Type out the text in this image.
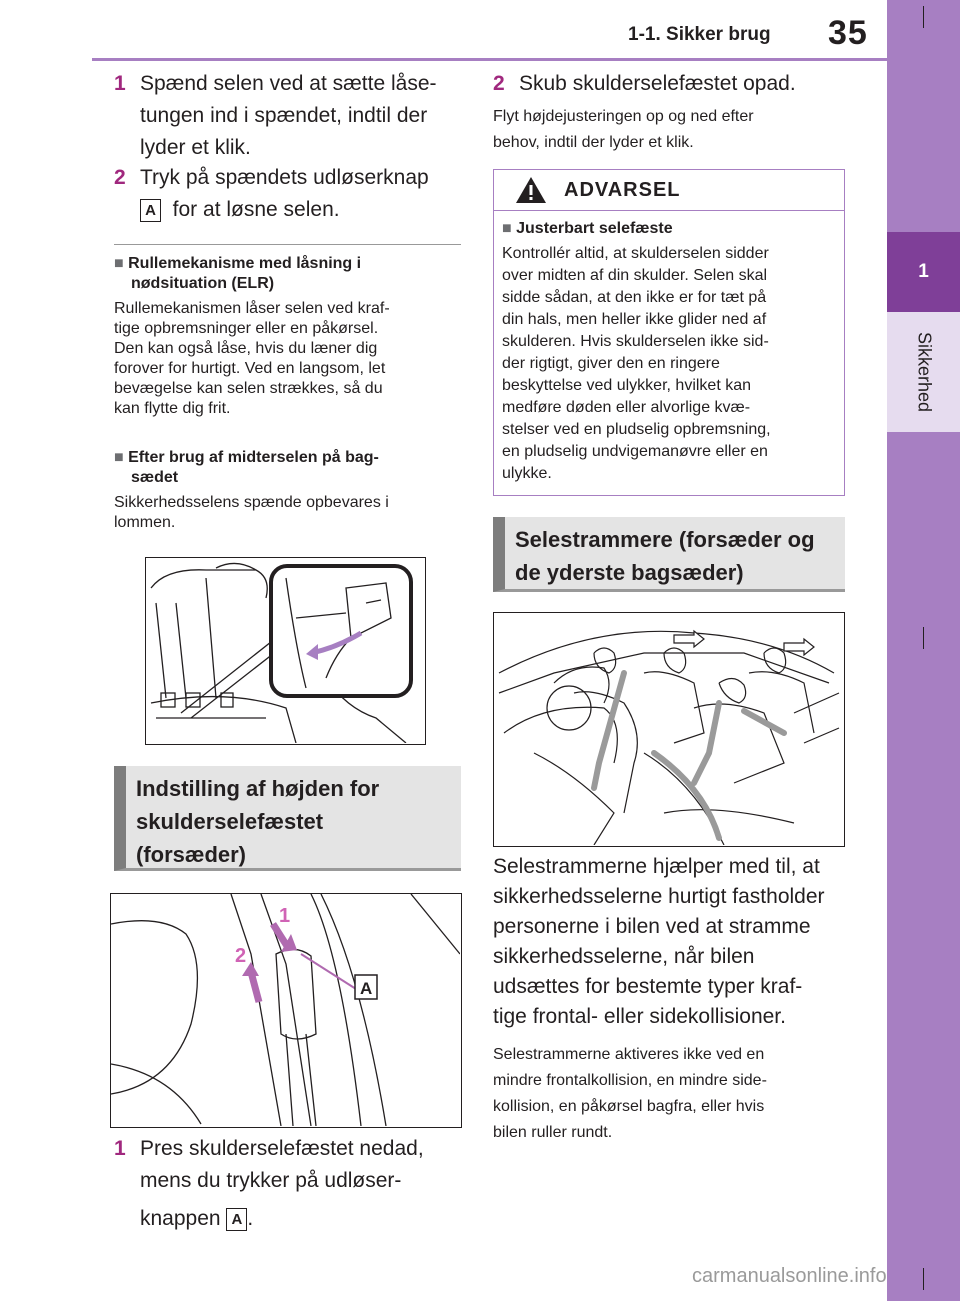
1-1. Sikker brug 35
1
Sikkerhed
1 Spænd selen ved at sætte låse-
tungen ind i spændet, indtil der
lyder et klik.
2 Tryk på spændets udløserknap
A for at løsne selen.
■ Rullemekanisme med låsning i
nødsituation (ELR)
Rullemekanismen låser selen ved kraf-
tige opbremsninger eller en påkørsel.
Den kan også låse, hvis du læner dig
forover for hurtigt. Ved en langsom, let
bevægelse kan selen strækkes, så du
kan flytte dig frit.
■ Efter brug af midterselen på bag-
sædet
Sikkerhedsselens spænde opbevares i
lommen.
Indstilling af højden for
skulderselefæstet
(forsæder)
1
2
A
1 Pres skulderselefæstet nedad,
mens du trykker på udløser-
knappen A .
2 Skub skulderselefæstet opad.
Flyt højdejusteringen op og ned efter
behov, indtil der lyder et klik.
ADVARSEL
■ Justerbart selefæste
Kontrollér altid, at skulderselen sidder
over midten af din skulder. Selen skal
sidde sådan, at den ikke er for tæt på
din hals, men heller ikke glider ned af
skulderen. Hvis skulderselen ikke sid-
der rigtigt, giver den en ringere
beskyttelse ved ulykker, hvilket kan
medføre døden eller alvorlige kvæ-
stelser ved en pludselig opbremsning,
en pludselig undvigemanøvre eller en
ulykke.
Selestrammere (forsæder og
de yderste bagsæder)
Selestrammerne hjælper med til, at
sikkerhedsselerne hurtigt fastholder
personerne i bilen ved at stramme
sikkerhedsselerne, når bilen
udsættes for bestemte typer kraf-
tige frontal- eller sidekollisioner.
Selestrammerne aktiveres ikke ved en
mindre frontalkollision, en mindre side-
kollision, en påkørsel bagfra, eller hvis
bilen ruller rundt.
carmanualsonline.info
